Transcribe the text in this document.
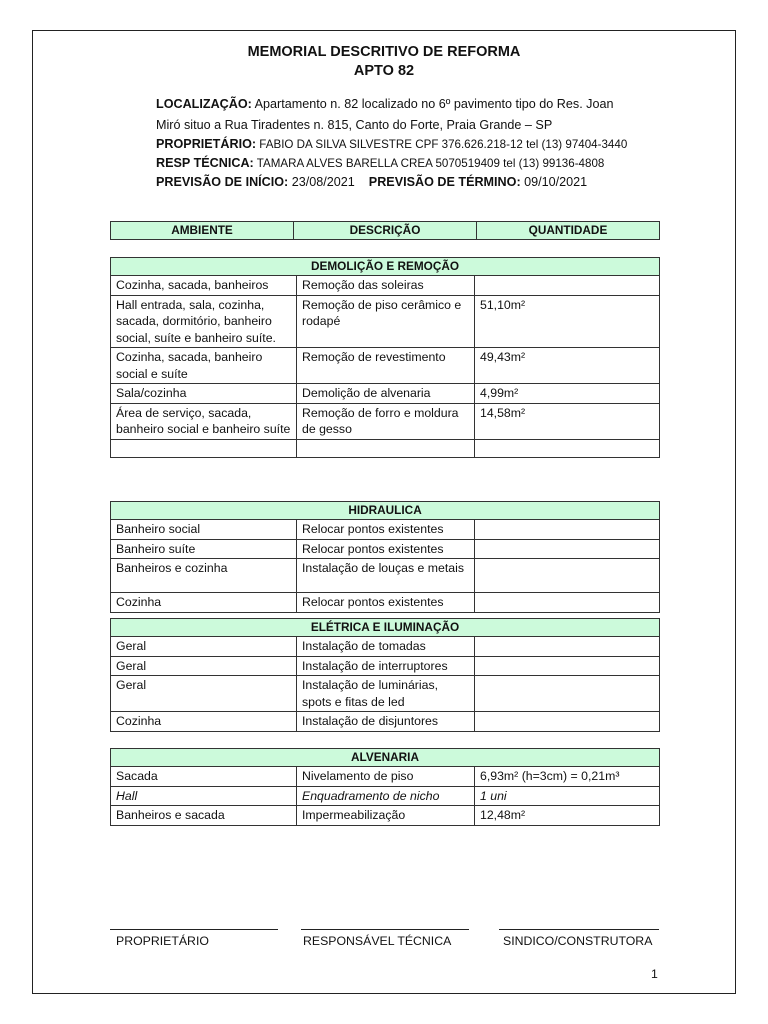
MEMORIAL DESCRITIVO DE REFORMA
APTO 82
LOCALIZAÇÃO: Apartamento n. 82 localizado no 6º pavimento tipo do Res. Joan
Miró situo a Rua Tiradentes n. 815, Canto do Forte, Praia Grande – SP
PROPRIETÁRIO: FABIO DA SILVA SILVESTRE CPF 376.626.218-12 tel (13) 97404-3440
RESP TÉCNICA: TAMARA ALVES BARELLA CREA 5070519409 tel (13) 99136-4808
PREVISÃO DE INÍCIO: 23/08/2021    PREVISÃO DE TÉRMINO: 09/10/2021
AMBIENTE	DESCRIÇÃO	QUANTIDADE
DEMOLIÇÃO E REMOÇÃO		
Cozinha, sacada, banheiros	Remoção das soleiras	
Hall entrada, sala, cozinha, sacada, dormitório, banheiro social, suíte e banheiro suíte.	Remoção de piso cerâmico e rodapé	51,10m²
Cozinha, sacada, banheiro social e suíte	Remoção de revestimento	49,43m²
Sala/cozinha	Demolição de alvenaria	4,99m²
Área de serviço, sacada, banheiro social e banheiro suíte	Remoção de forro e moldura de gesso	14,58m²

HIDRAULICA		
Banheiro social	Relocar pontos existentes	
Banheiro suíte	Relocar pontos existentes	
Banheiros e cozinha	Instalação de louças e metais	
Cozinha	Relocar pontos existentes	
ELÉTRICA E ILUMINAÇÃO		
Geral	Instalação de tomadas	
Geral	Instalação de interruptores	
Geral	Instalação de luminárias, spots e fitas de led	
Cozinha	Instalação de disjuntores	
ALVENARIA		
Sacada	Nivelamento de piso	6,93m² (h=3cm) = 0,21m³
Hall	Enquadramento de nicho	1 uni
Banheiros e sacada	Impermeabilização	12,48m²
PROPRIETÁRIO	RESPONSÁVEL TÉCNICA	SINDICO/CONSTRUTORA
1
